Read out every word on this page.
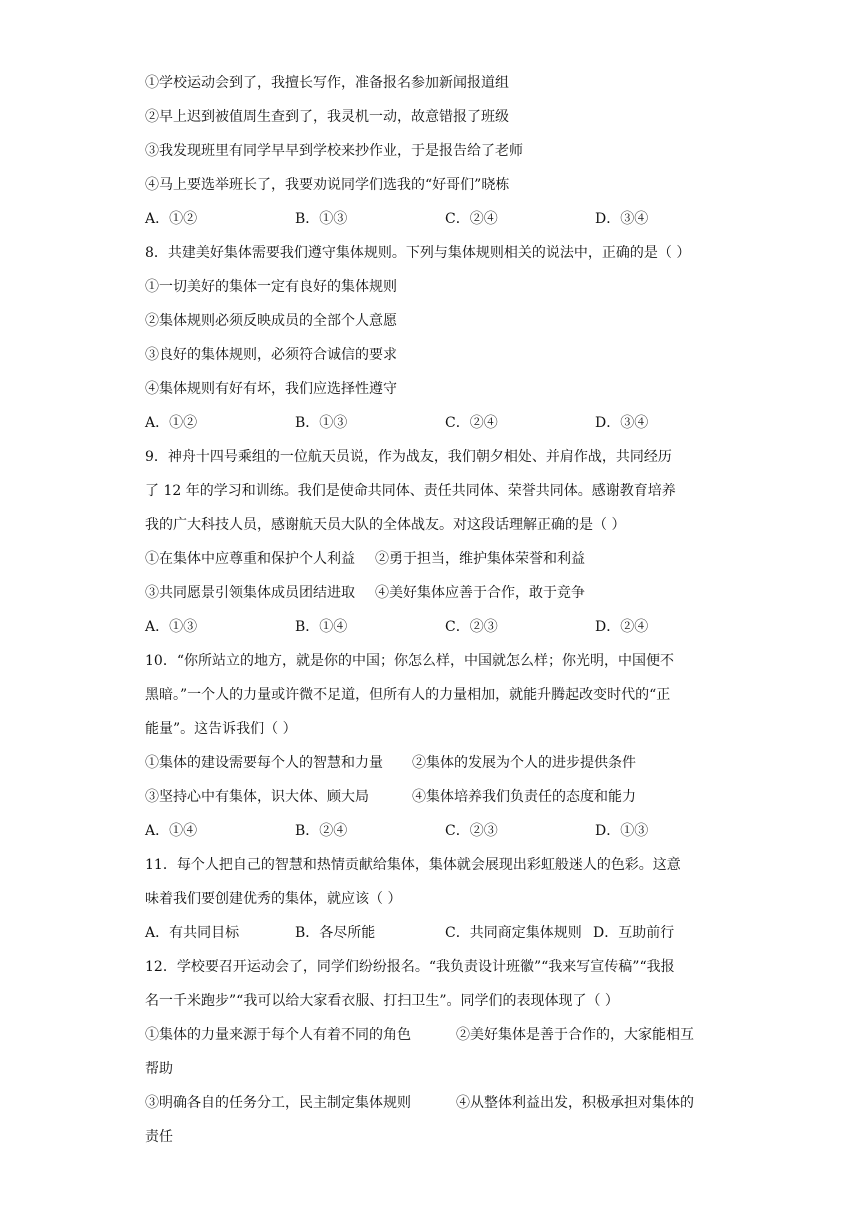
①学校运动会到了，我擅长写作，准备报名参加新闻报道组
②早上迟到被值周生查到了，我灵机一动，故意错报了班级
③我发现班里有同学早早到学校来抄作业，于是报告给了老师
④马上要选举班长了，我要劝说同学们选我的“好哥们”晓栋
A．①②	B．①③	C．②④	D．③④
8．共建美好集体需要我们遵守集体规则。下列与集体规则相关的说法中，正确的是（ ）
①一切美好的集体一定有良好的集体规则
②集体规则必须反映成员的全部个人意愿
③良好的集体规则，必须符合诚信的要求
④集体规则有好有坏，我们应选择性遵守
A．①②	B．①③	C．②④	D．③④
9．神舟十四号乘组的一位航天员说，作为战友，我们朝夕相处、并肩作战，共同经历
了 12 年的学习和训练。我们是使命共同体、责任共同体、荣誉共同体。感谢教育培养
我的广大科技人员，感谢航天员大队的全体战友。对这段话理解正确的是（ ）
①在集体中应尊重和保护个人利益 ②勇于担当，维护集体荣誉和利益
③共同愿景引领集体成员团结进取 ④美好集体应善于合作，敢于竞争
A．①③	B．①④	C．②③	D．②④
10．“你所站立的地方，就是你的中国；你怎么样，中国就怎么样；你光明，中国便不
黑暗。”一个人的力量或许微不足道，但所有人的力量相加，就能升腾起改变时代的“正
能量”。这告诉我们（ ）
①集体的建设需要每个人的智慧和力量 ②集体的发展为个人的进步提供条件
③坚持心中有集体，识大体、顾大局	④集体培养我们负责任的态度和能力
A．①④	B．②④	C．②③	D．①③
11．每个人把自己的智慧和热情贡献给集体，集体就会展现出彩虹般迷人的色彩。这意
味着我们要创建优秀的集体，就应该（ ）
A．有共同目标	B．各尽所能	C．共同商定集体规则 D．互助前行
12．学校要召开运动会了，同学们纷纷报名。“我负责设计班徽”“我来写宣传稿”“我报
名一千米跑步”“我可以给大家看衣服、打扫卫生”。同学们的表现体现了（ ）
①集体的力量来源于每个人有着不同的角色	②美好集体是善于合作的，大家能相互
帮助
③明确各自的任务分工，民主制定集体规则	④从整体利益出发，积极承担对集体的
责任
